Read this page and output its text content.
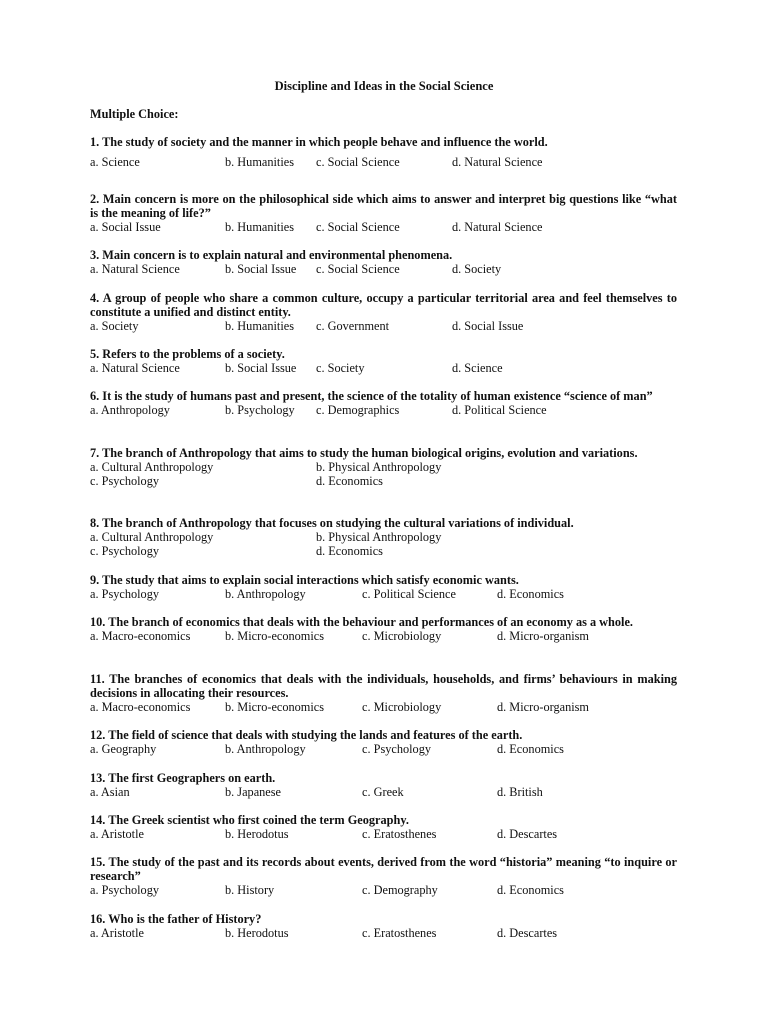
Discipline and Ideas in the Social Science
Multiple Choice:
1. The study of society and the manner in which people behave and influence the world.
a. Science	b. Humanities c. Social Science	d. Natural Science
2. Main concern is more on the philosophical side which aims to answer and interpret big questions like “what is the meaning of life?”
a. Social Issue	b. Humanities c. Social Science	d. Natural Science
3. Main concern is to explain natural and environmental phenomena.
a. Natural Science	b. Social Issue c. Social Science	d. Society
4. A group of people who share a common culture, occupy a particular territorial area and feel themselves to constitute a unified and distinct entity.
a. Society	b. Humanities c. Government	d. Social Issue
5. Refers to the problems of a society.
a. Natural Science	b. Social Issue c. Society	d. Science
6. It is the study of humans past and present, the science of the totality of human existence “science of man”
a. Anthropology	b. Psychology c. Demographics	d. Political Science
7. The branch of Anthropology that aims to study the human biological origins, evolution and variations.
a. Cultural Anthropology	b. Physical Anthropology
c. Psychology	d. Economics
8. The branch of Anthropology that focuses on studying the cultural variations of individual.
a. Cultural Anthropology	b. Physical Anthropology
c. Psychology	d. Economics
9. The study that aims to explain social interactions which satisfy economic wants.
a. Psychology	b. Anthropology	c. Political Science	d. Economics
10. The branch of economics that deals with the behaviour and performances of an economy as a whole.
a. Macro-economics	b. Micro-economics	c. Microbiology	d. Micro-organism
11. The branches of economics that deals with the individuals, households, and firms’ behaviours in making decisions in allocating their resources.
a. Macro-economics	b. Micro-economics	c. Microbiology	d. Micro-organism
12. The field of science that deals with studying the lands and features of the earth.
a. Geography	b. Anthropology	c. Psychology	d. Economics
13. The first Geographers on earth.
a. Asian	b. Japanese	c. Greek	d. British
14. The Greek scientist who first coined the term Geography.
a. Aristotle	b. Herodotus	c. Eratosthenes	d. Descartes
15. The study of the past and its records about events, derived from the word “historia” meaning “to inquire or research”
a. Psychology	b. History	c. Demography	d. Economics
16. Who is the father of History?
a. Aristotle	b. Herodotus	c. Eratosthenes	d. Descartes
